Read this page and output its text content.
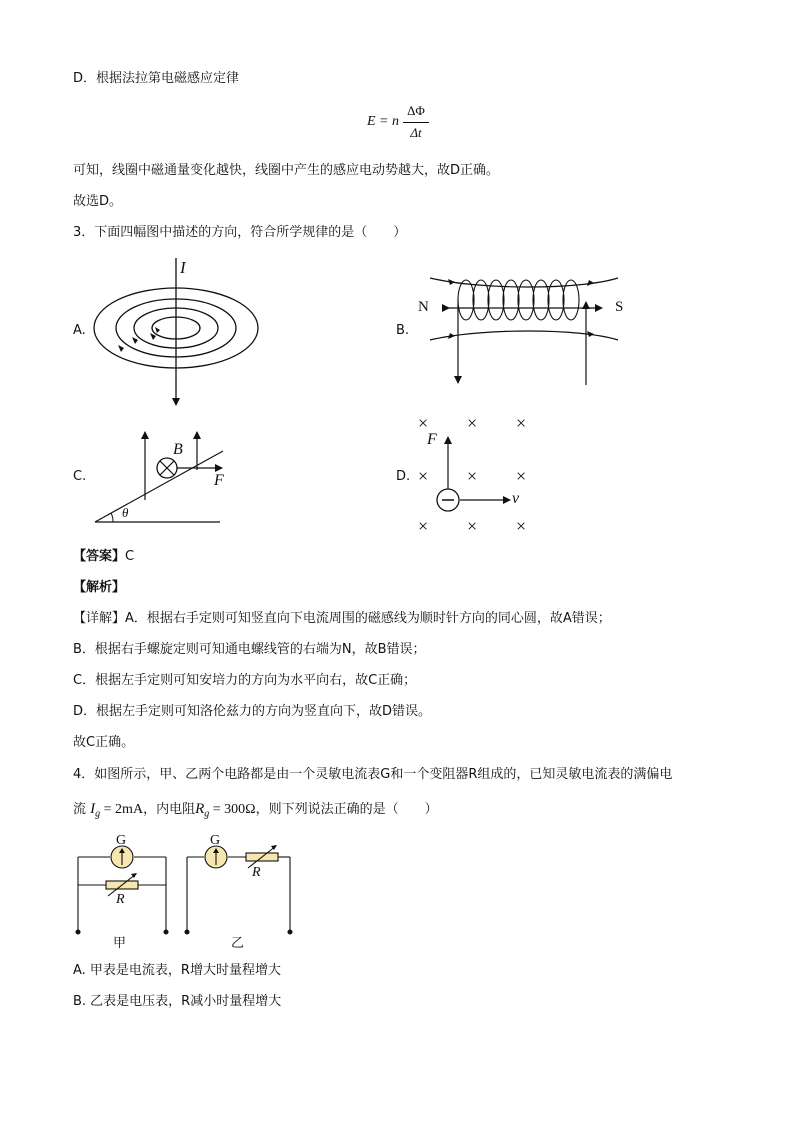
D．根据法拉第电磁感应定律
E = n
ΔΦ
Δt
可知，线圈中磁通量变化越快，线圈中产生的感应电动势越大，故D正确。
故选D。
3．下面四幅图中描述的方向，符合所学规律的是（　　）
A.	B.
C.	D.
I
N	S
B
F
θ
F
v
× × ×
× × ×
× × ×
【答案】C
【解析】
【详解】A．根据右手定则可知竖直向下电流周围的磁感线为顺时针方向的同心圆，故A错误；
B．根据右手螺旋定则可知通电螺线管的右端为N，故B错误；
C．根据左手定则可知安培力的方向为水平向右，故C正确；
D．根据左手定则可知洛伦兹力的方向为竖直向下，故D错误。
故C正确。
4．如图所示，甲、乙两个电路都是由一个灵敏电流表G和一个变阻器R组成的，已知灵敏电流表的满偏电
流 $I_g = 2mA$，内电阻$R_g = 300\Omega$，则下列说法正确的是（　　）
G
R
G
R
甲	乙
A. 甲表是电流表，R增大时量程增大
B. 乙表是电压表，R减小时量程增大
